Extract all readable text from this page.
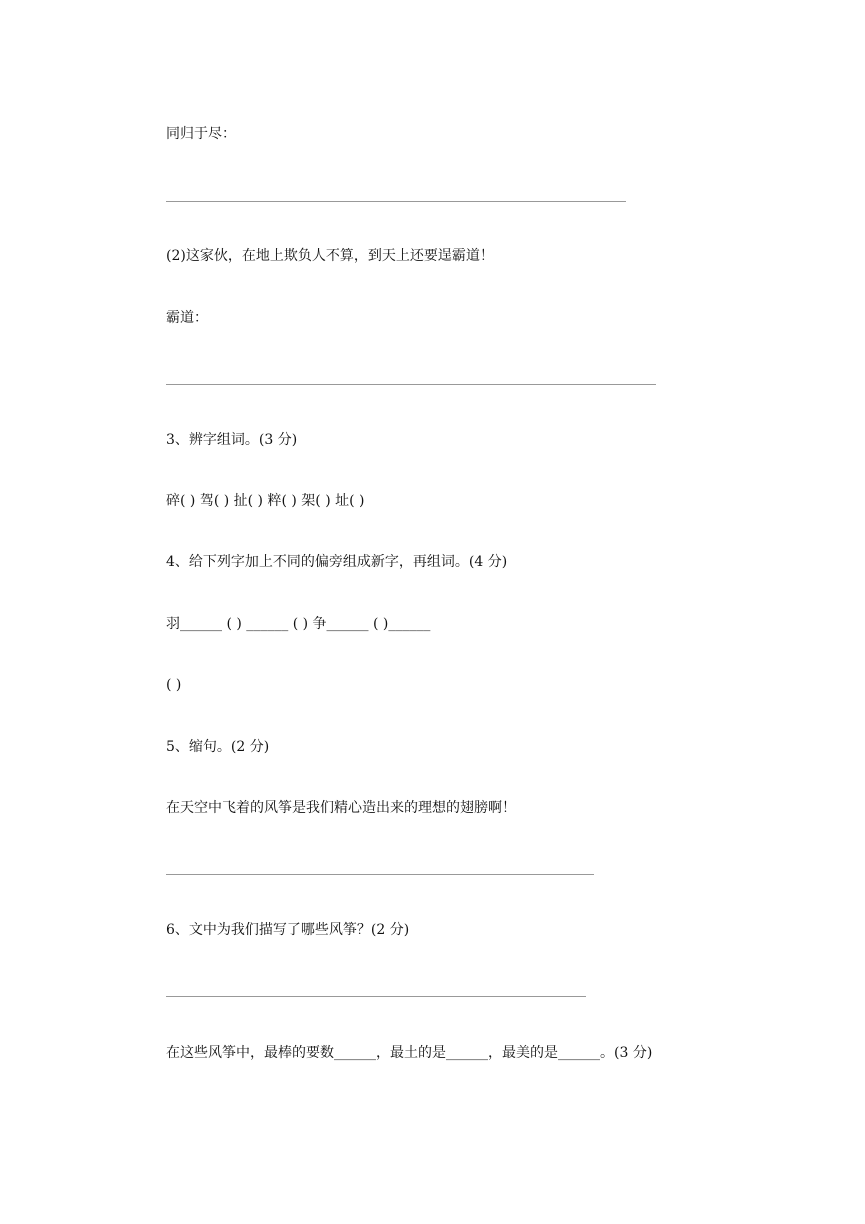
同归于尽：
(2)这家伙，在地上欺负人不算，到天上还要逞霸道！
霸道：
3、辨字组词。(3 分)
碎( ) 驾( ) 扯( ) 粹( ) 架( ) 址( )
4、给下列字加上不同的偏旁组成新字，再组词。(4 分)
羽______ ( ) ______ ( ) 争______ ( )______
( )
5、缩句。(2 分)
在天空中飞着的风筝是我们精心造出来的理想的翅膀啊！
6、文中为我们描写了哪些风筝？(2 分)
在这些风筝中，最棒的要数______，最土的是______，最美的是______。(3 分)
